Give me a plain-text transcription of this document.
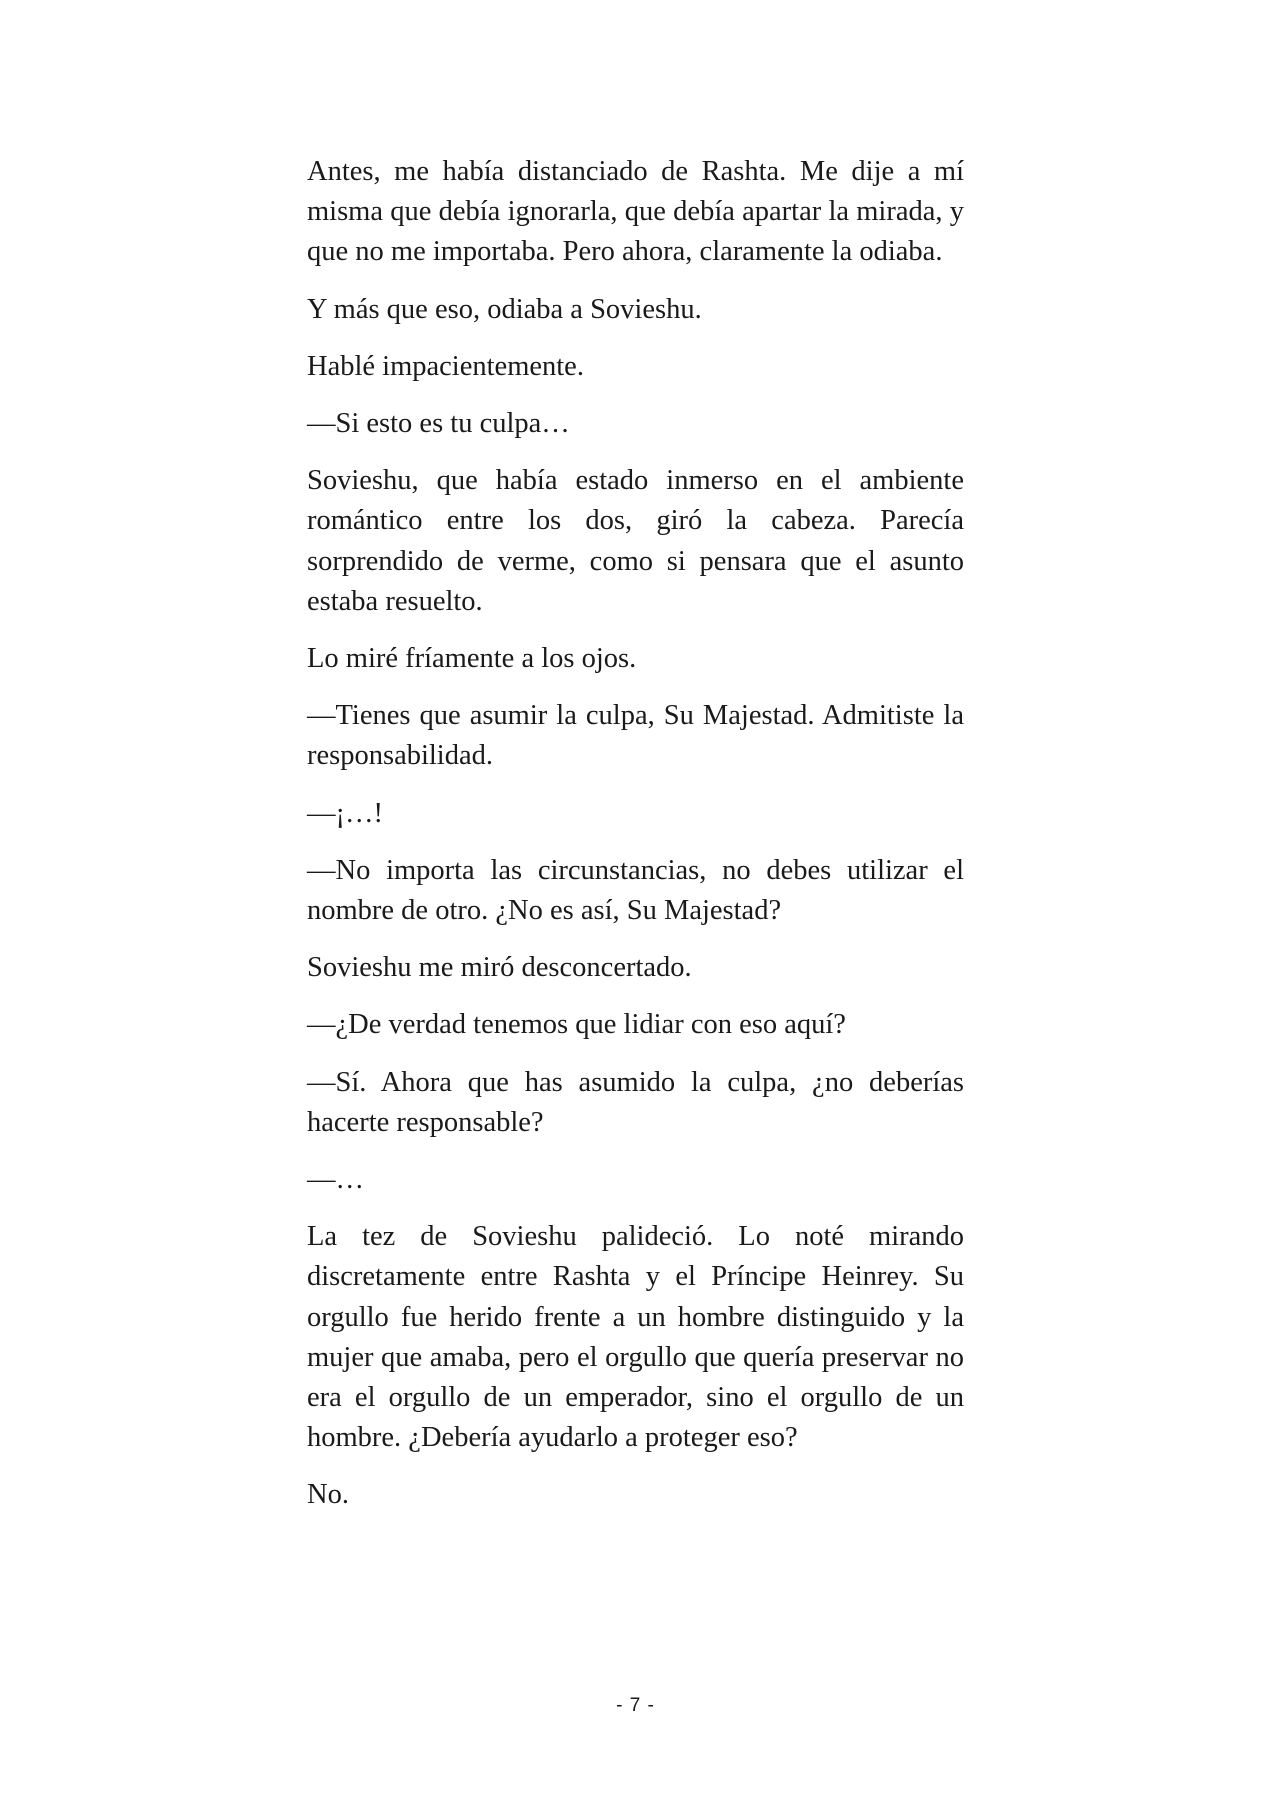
Antes, me había distanciado de Rashta. Me dije a mí misma que debía ignorarla, que debía apartar la mirada, y que no me importaba. Pero ahora, claramente la odiaba.

Y más que eso, odiaba a Sovieshu.

Hablé impacientemente.

—Si esto es tu culpa…

Sovieshu, que había estado inmerso en el ambiente romántico entre los dos, giró la cabeza. Parecía sorprendido de verme, como si pensara que el asunto estaba resuelto.

Lo miré fríamente a los ojos.

—Tienes que asumir la culpa, Su Majestad. Admitiste la responsabilidad.

—¡…!

—No importa las circunstancias, no debes utilizar el nombre de otro. ¿No es así, Su Majestad?

Sovieshu me miró desconcertado.

—¿De verdad tenemos que lidiar con eso aquí?

—Sí. Ahora que has asumido la culpa, ¿no deberías hacerte responsable?

—…

La tez de Sovieshu palideció. Lo noté mirando discretamente entre Rashta y el Príncipe Heinrey. Su orgullo fue herido frente a un hombre distinguido y la mujer que amaba, pero el orgullo que quería preservar no era el orgullo de un emperador, sino el orgullo de un hombre. ¿Debería ayudarlo a proteger eso?

No.

- 7 -
